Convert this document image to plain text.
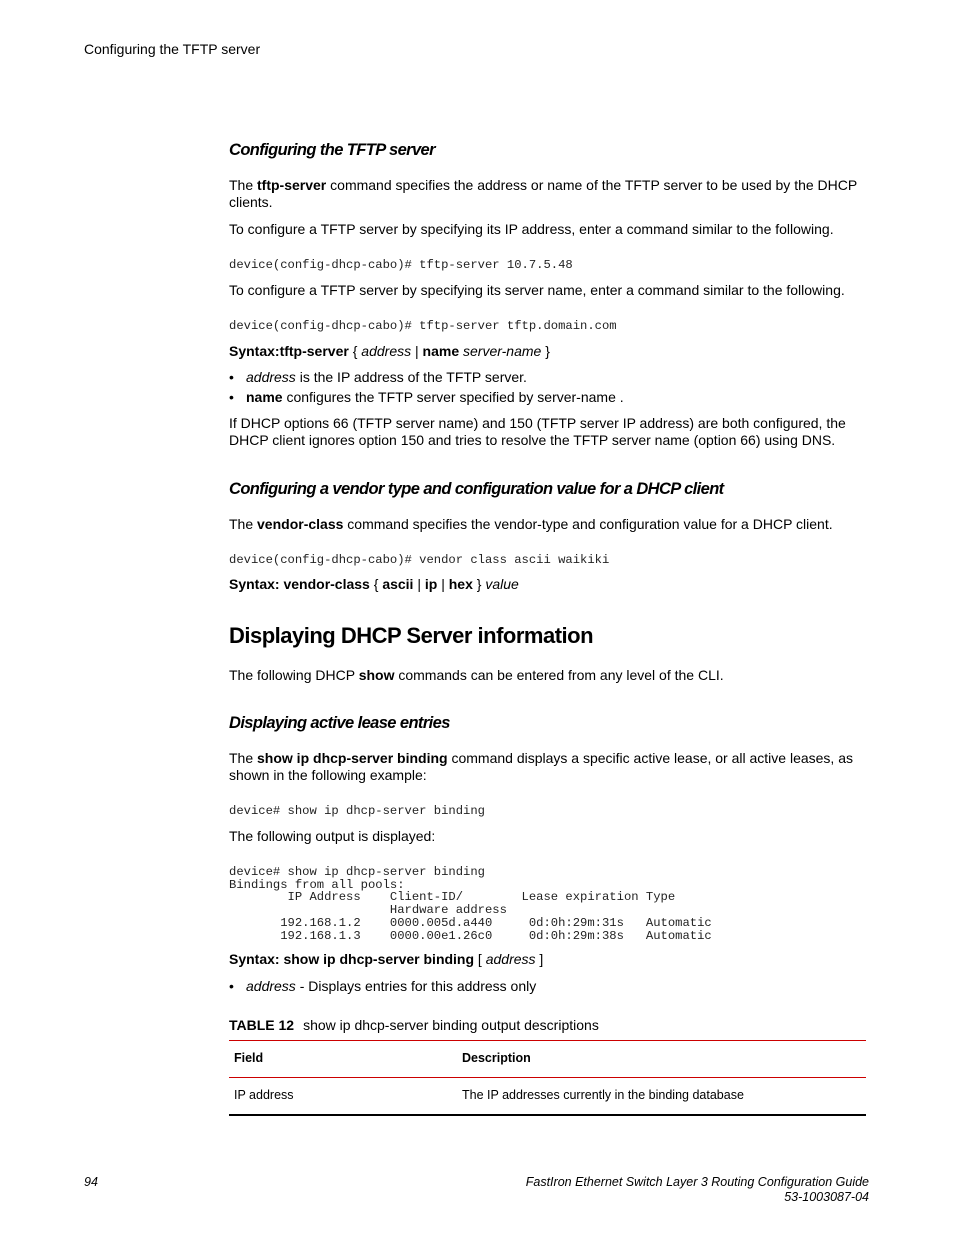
Configuring the TFTP server
Configuring the TFTP server
The tftp-server command specifies the address or name of the TFTP server to be used by the DHCP clients.
To configure a TFTP server by specifying its IP address, enter a command similar to the following.
device(config-dhcp-cabo)# tftp-server 10.7.5.48
To configure a TFTP server by specifying its server name, enter a command similar to the following.
device(config-dhcp-cabo)# tftp-server tftp.domain.com
Syntax:tftp-server { address | name server-name }
• address is the IP address of the TFTP server.
• name configures the TFTP server specified by server-name .
If DHCP options 66 (TFTP server name) and 150 (TFTP server IP address) are both configured, the DHCP client ignores option 150 and tries to resolve the TFTP server name (option 66) using DNS.
Configuring a vendor type and configuration value for a DHCP client
The vendor-class command specifies the vendor-type and configuration value for a DHCP client.
device(config-dhcp-cabo)# vendor class ascii waikiki
Syntax: vendor-class { ascii | ip | hex } value
Displaying DHCP Server information
The following DHCP show commands can be entered from any level of the CLI.
Displaying active lease entries
The show ip dhcp-server binding command displays a specific active lease, or all active leases, as shown in the following example:
device# show ip dhcp-server binding
The following output is displayed:
device# show ip dhcp-server binding
Bindings from all pools:
IP Address    Client-ID/        Lease expiration Type
Hardware address
192.168.1.2    0000.005d.a440     0d:0h:29m:31s   Automatic
192.168.1.3    0000.00e1.26c0     0d:0h:29m:38s   Automatic
Syntax: show ip dhcp-server binding [ address ]
• address - Displays entries for this address only
TABLE 12 show ip dhcp-server binding output descriptions
Field	Description
IP address	The IP addresses currently in the binding database
94	FastIron Ethernet Switch Layer 3 Routing Configuration Guide
53-1003087-04
